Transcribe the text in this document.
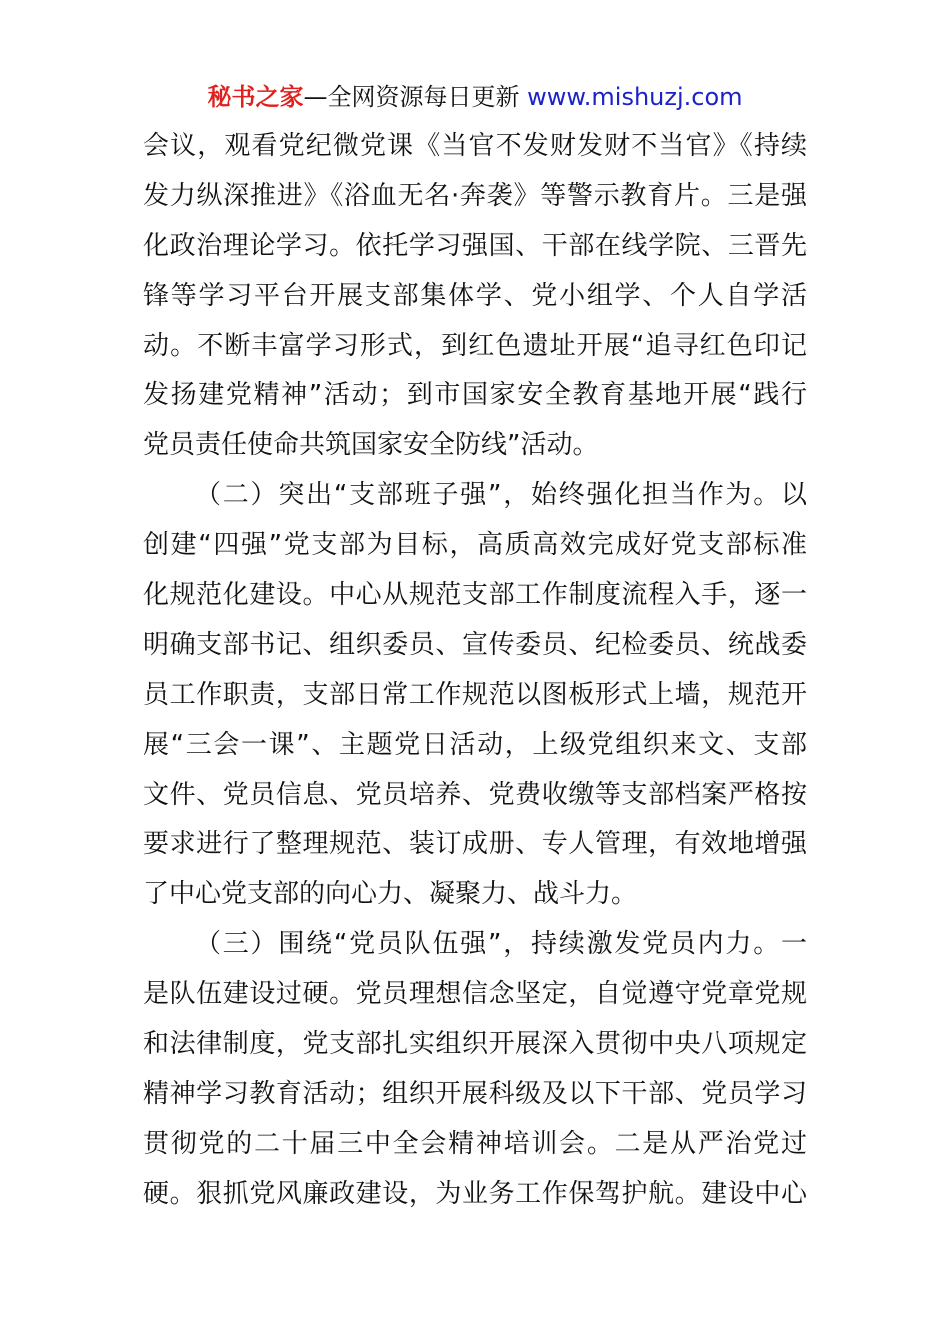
秘书之家—全网资源每日更新 www.mishuzj.com
会议，观看党纪微党课《当官不发财发财不当官》《持续
发力纵深推进》《浴血无名·奔袭》等警示教育片。三是强
化政治理论学习。依托学习强国、干部在线学院、三晋先
锋等学习平台开展支部集体学、党小组学、个人自学活
动。不断丰富学习形式，到红色遗址开展“追寻红色印记
发扬建党精神”活动；到市国家安全教育基地开展“践行
党员责任使命共筑国家安全防线”活动。
（二）突出“支部班子强”，始终强化担当作为。以
创建“四强”党支部为目标，高质高效完成好党支部标准
化规范化建设。中心从规范支部工作制度流程入手，逐一
明确支部书记、组织委员、宣传委员、纪检委员、统战委
员工作职责，支部日常工作规范以图板形式上墙，规范开
展“三会一课”、主题党日活动，上级党组织来文、支部
文件、党员信息、党员培养、党费收缴等支部档案严格按
要求进行了整理规范、装订成册、专人管理，有效地增强
了中心党支部的向心力、凝聚力、战斗力。
（三）围绕“党员队伍强”，持续激发党员内力。一
是队伍建设过硬。党员理想信念坚定，自觉遵守党章党规
和法律制度，党支部扎实组织开展深入贯彻中央八项规定
精神学习教育活动；组织开展科级及以下干部、党员学习
贯彻党的二十届三中全会精神培训会。二是从严治党过
硬。狠抓党风廉政建设，为业务工作保驾护航。建设中心
